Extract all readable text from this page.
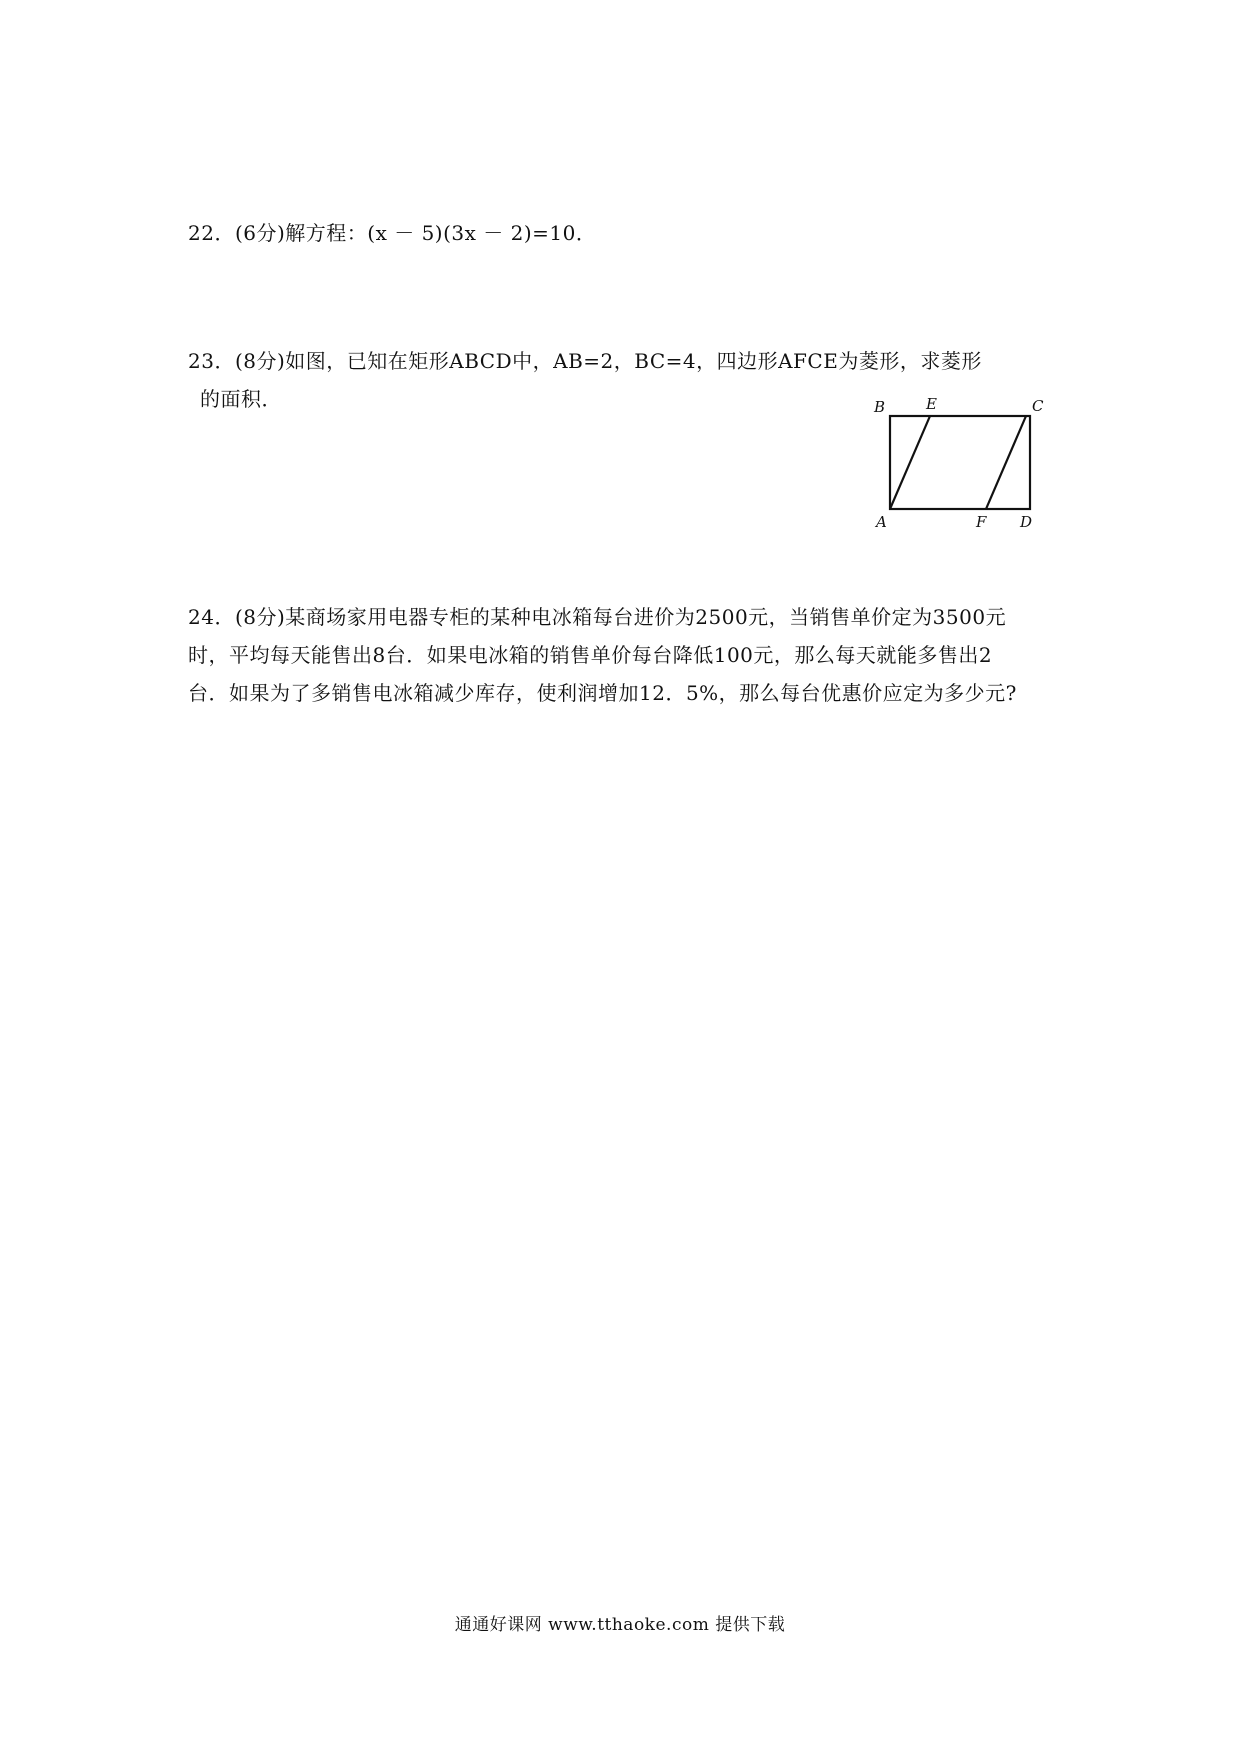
22．(6分)解方程：(x － 5)(3x － 2)=10．
23．(8分)如图，已知在矩形ABCD中，AB=2，BC=4，四边形AFCE为菱形，求菱形
的面积．	B	E	C
A	F D
24．(8分)某商场家用电器专柜的某种电冰箱每台进价为2500元，当销售单价定为3500元
时，平均每天能售出8台．如果电冰箱的销售单价每台降低100元，那么每天就能多售出2
台．如果为了多销售电冰箱减少库存，使利润增加12．5%，那么每台优惠价应定为多少元?
通通好课网 www.tthaoke.com 提供下载
